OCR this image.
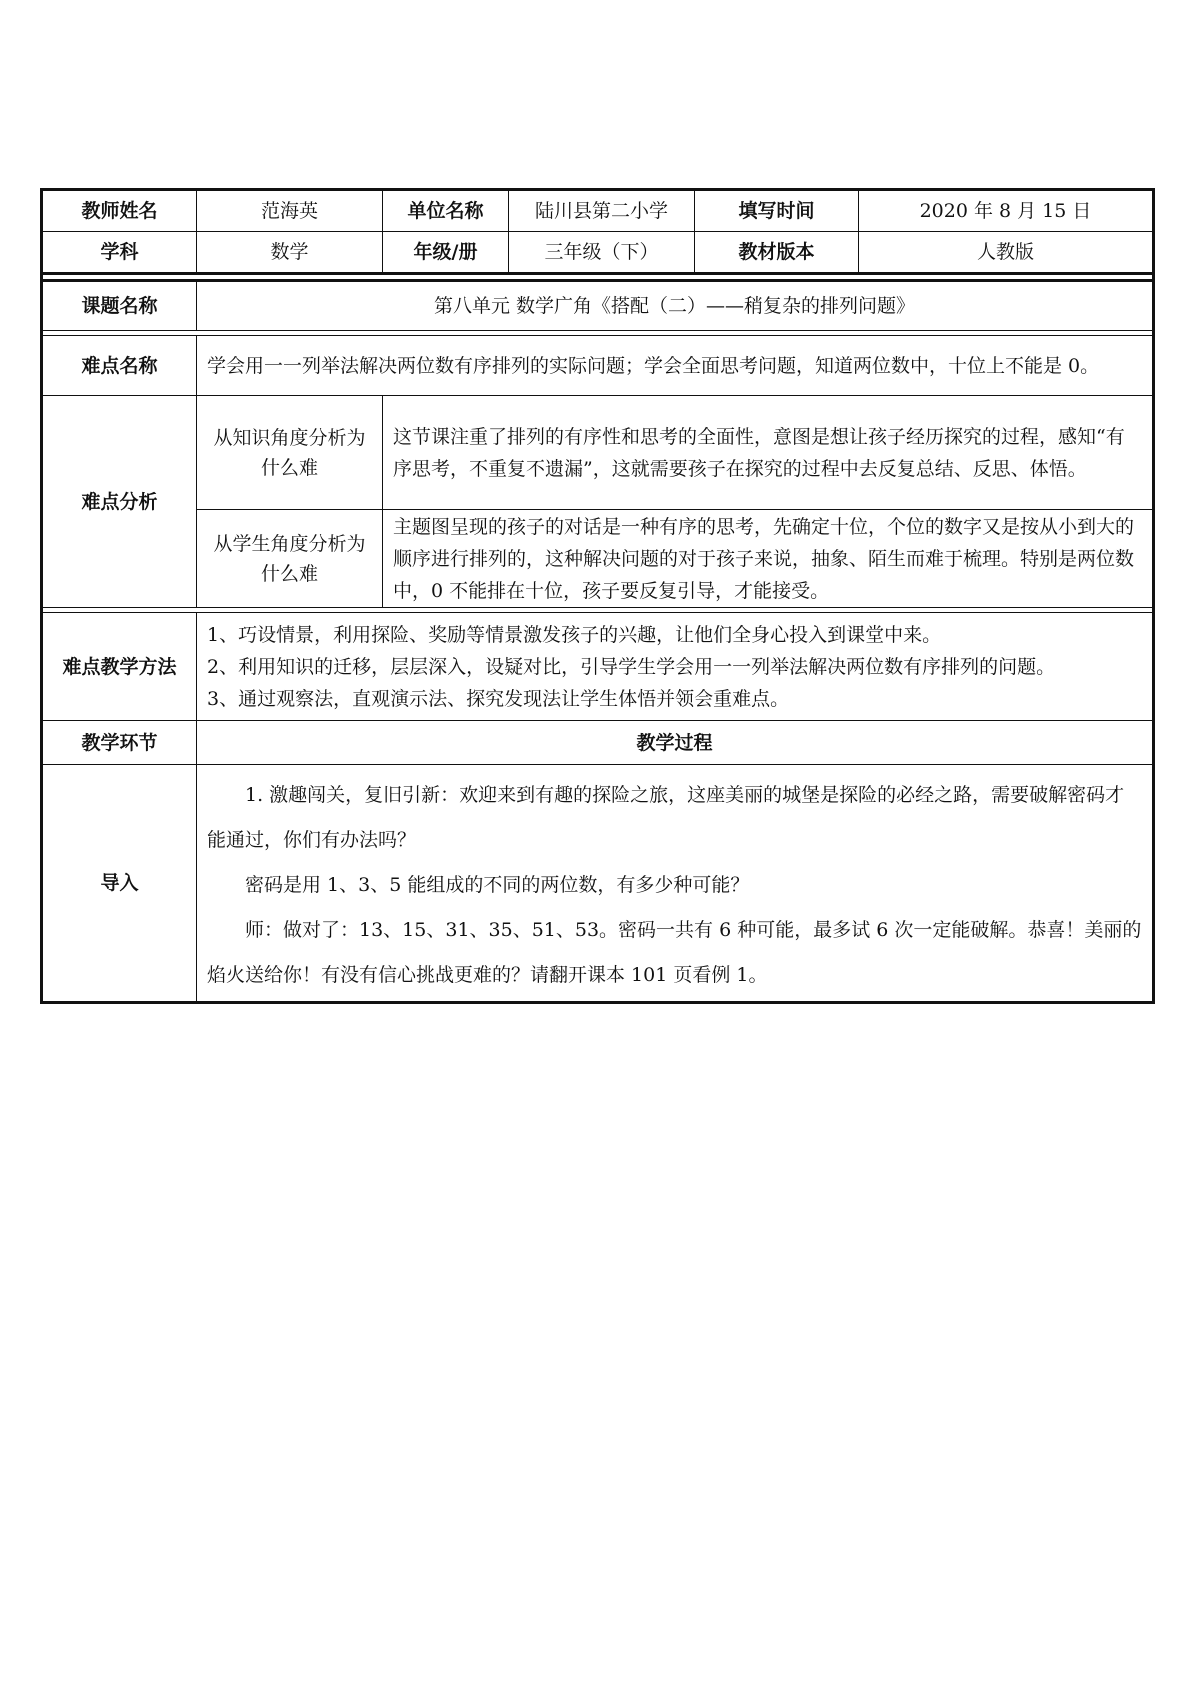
教师姓名	范海英	单位名称	陆川县第二小学	填写时间	2020 年 8 月 15 日
学科	数学	年级/册	三年级（下）	教材版本	人教版

课题名称	第八单元 数学广角《搭配（二）——稍复杂的排列问题》				

难点名称	学会用一一列举法解决两位数有序排列的实际问题；学会全面思考问题，知道两位数中，十位上不能是 0。				
难点分析	从知识角度分析为什么难	这节课注重了排列的有序性和思考的全面性，意图是想让孩子经历探究的过程，感知“有序思考，不重复不遗漏”，这就需要孩子在探究的过程中去反复总结、反思、体悟。			
	从学生角度分析为什么难	主题图呈现的孩子的对话是一种有序的思考，先确定十位，个位的数字又是按从小到大的顺序进行排列的，这种解决问题的对于孩子来说，抽象、陌生而难于梳理。特别是两位数中，0 不能排在十位，孩子要反复引导，才能接受。			

难点教学方法	1、巧设情景，利用探险、奖励等情景激发孩子的兴趣，让他们全身心投入到课堂中来。
2、利用知识的迁移，层层深入，设疑对比，引导学生学会用一一列举法解决两位数有序排列的问题。
3、通过观察法，直观演示法、探究发现法让学生体悟并领会重难点。				

教学环节	教学过程				
导入	1. 激趣闯关，复旧引新：欢迎来到有趣的探险之旅，这座美丽的城堡是探险的必经之路，需要破解密码才能通过，你们有办法吗？

密码是用 1、3、5 能组成的不同的两位数，有多少种可能？

师：做对了：13、15、31、35、51、53。密码一共有 6 种可能，最多试 6 次一定能破解。恭喜！美丽的焰火送给你！有没有信心挑战更难的？请翻开课本 101 页看例 1。				
